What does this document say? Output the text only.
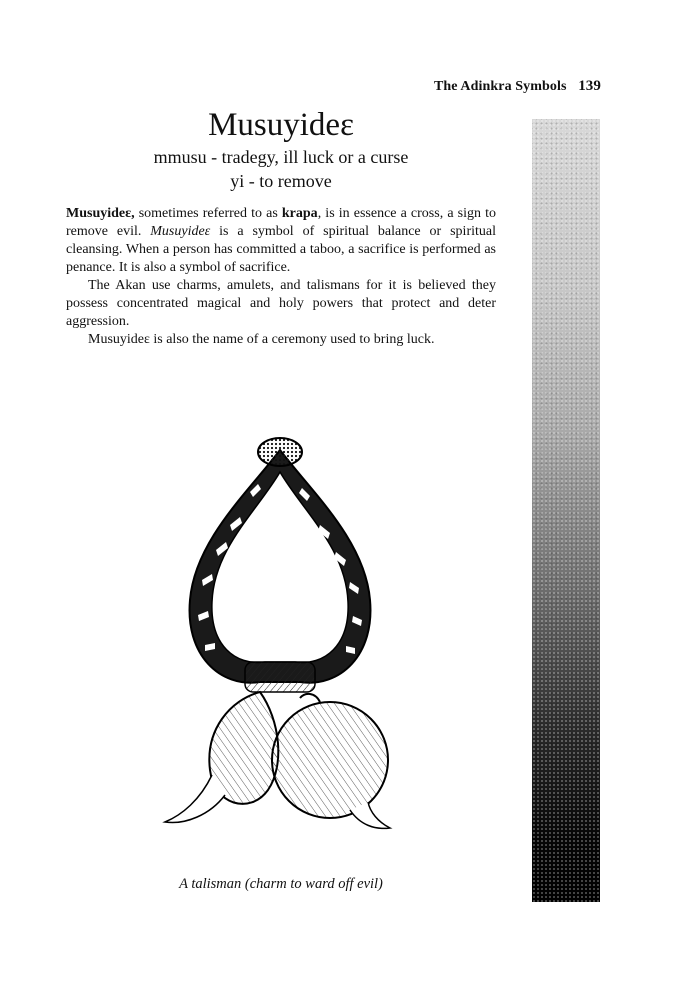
The Adinkra Symbols 139
Musuyideɛ
mmusu - tradegy, ill luck or a curse
yi - to remove

Musuyideɛ, sometimes referred to as krapa, is in essence a cross, a sign to remove evil. Musuyideɛ is a symbol of spiritual balance or spiritual cleansing. When a person has committed a taboo, a sacrifice is performed as penance. It is also a symbol of sacrifice.

The Akan use charms, amulets, and talismans for it is believed they possess concentrated magical and holy powers that protect and deter aggression.

Musuyideɛ is also the name of a ceremony used to bring luck.

A talisman (charm to ward off evil)
